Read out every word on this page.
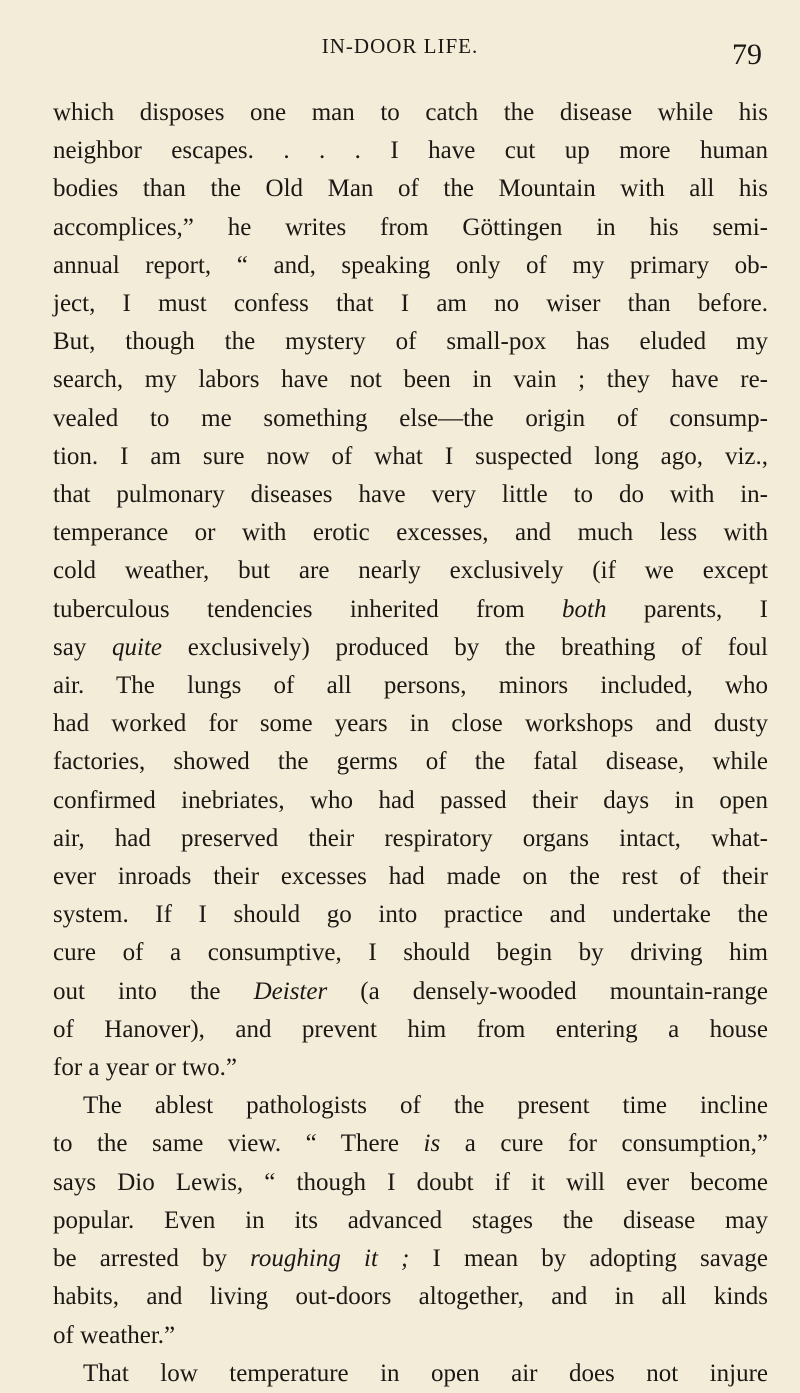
IN-DOOR LIFE.	79
which disposes one man to catch the disease while his
neighbor escapes. . . . I have cut up more human
bodies than the Old Man of the Mountain with all his
accomplices,” he writes from Göttingen in his semi-
annual report, “ and, speaking only of my primary ob-
ject, I must confess that I am no wiser than before.
But, though the mystery of small-pox has eluded my
search, my labors have not been in vain ; they have re-
vealed to me something else—the origin of consump-
tion. I am sure now of what I suspected long ago, viz.,
that pulmonary diseases have very little to do with in-
temperance or with erotic excesses, and much less with
cold weather, but are nearly exclusively (if we except
tuberculous tendencies inherited from both parents, I
say quite exclusively) produced by the breathing of foul
air. The lungs of all persons, minors included, who
had worked for some years in close workshops and dusty
factories, showed the germs of the fatal disease, while
confirmed inebriates, who had passed their days in open
air, had preserved their respiratory organs intact, what-
ever inroads their excesses had made on the rest of their
system. If I should go into practice and undertake the
cure of a consumptive, I should begin by driving him
out into the Deister (a densely-wooded mountain-range
of Hanover), and prevent him from entering a house
for a year or two.”
The ablest pathologists of the present time incline
to the same view. “ There is a cure for consumption,”
says Dio Lewis, “ though I doubt if it will ever become
popular. Even in its advanced stages the disease may
be arrested by roughing it ; I mean by adopting savage
habits, and living out-doors altogether, and in all kinds
of weather.”
That low temperature in open air does not injure
